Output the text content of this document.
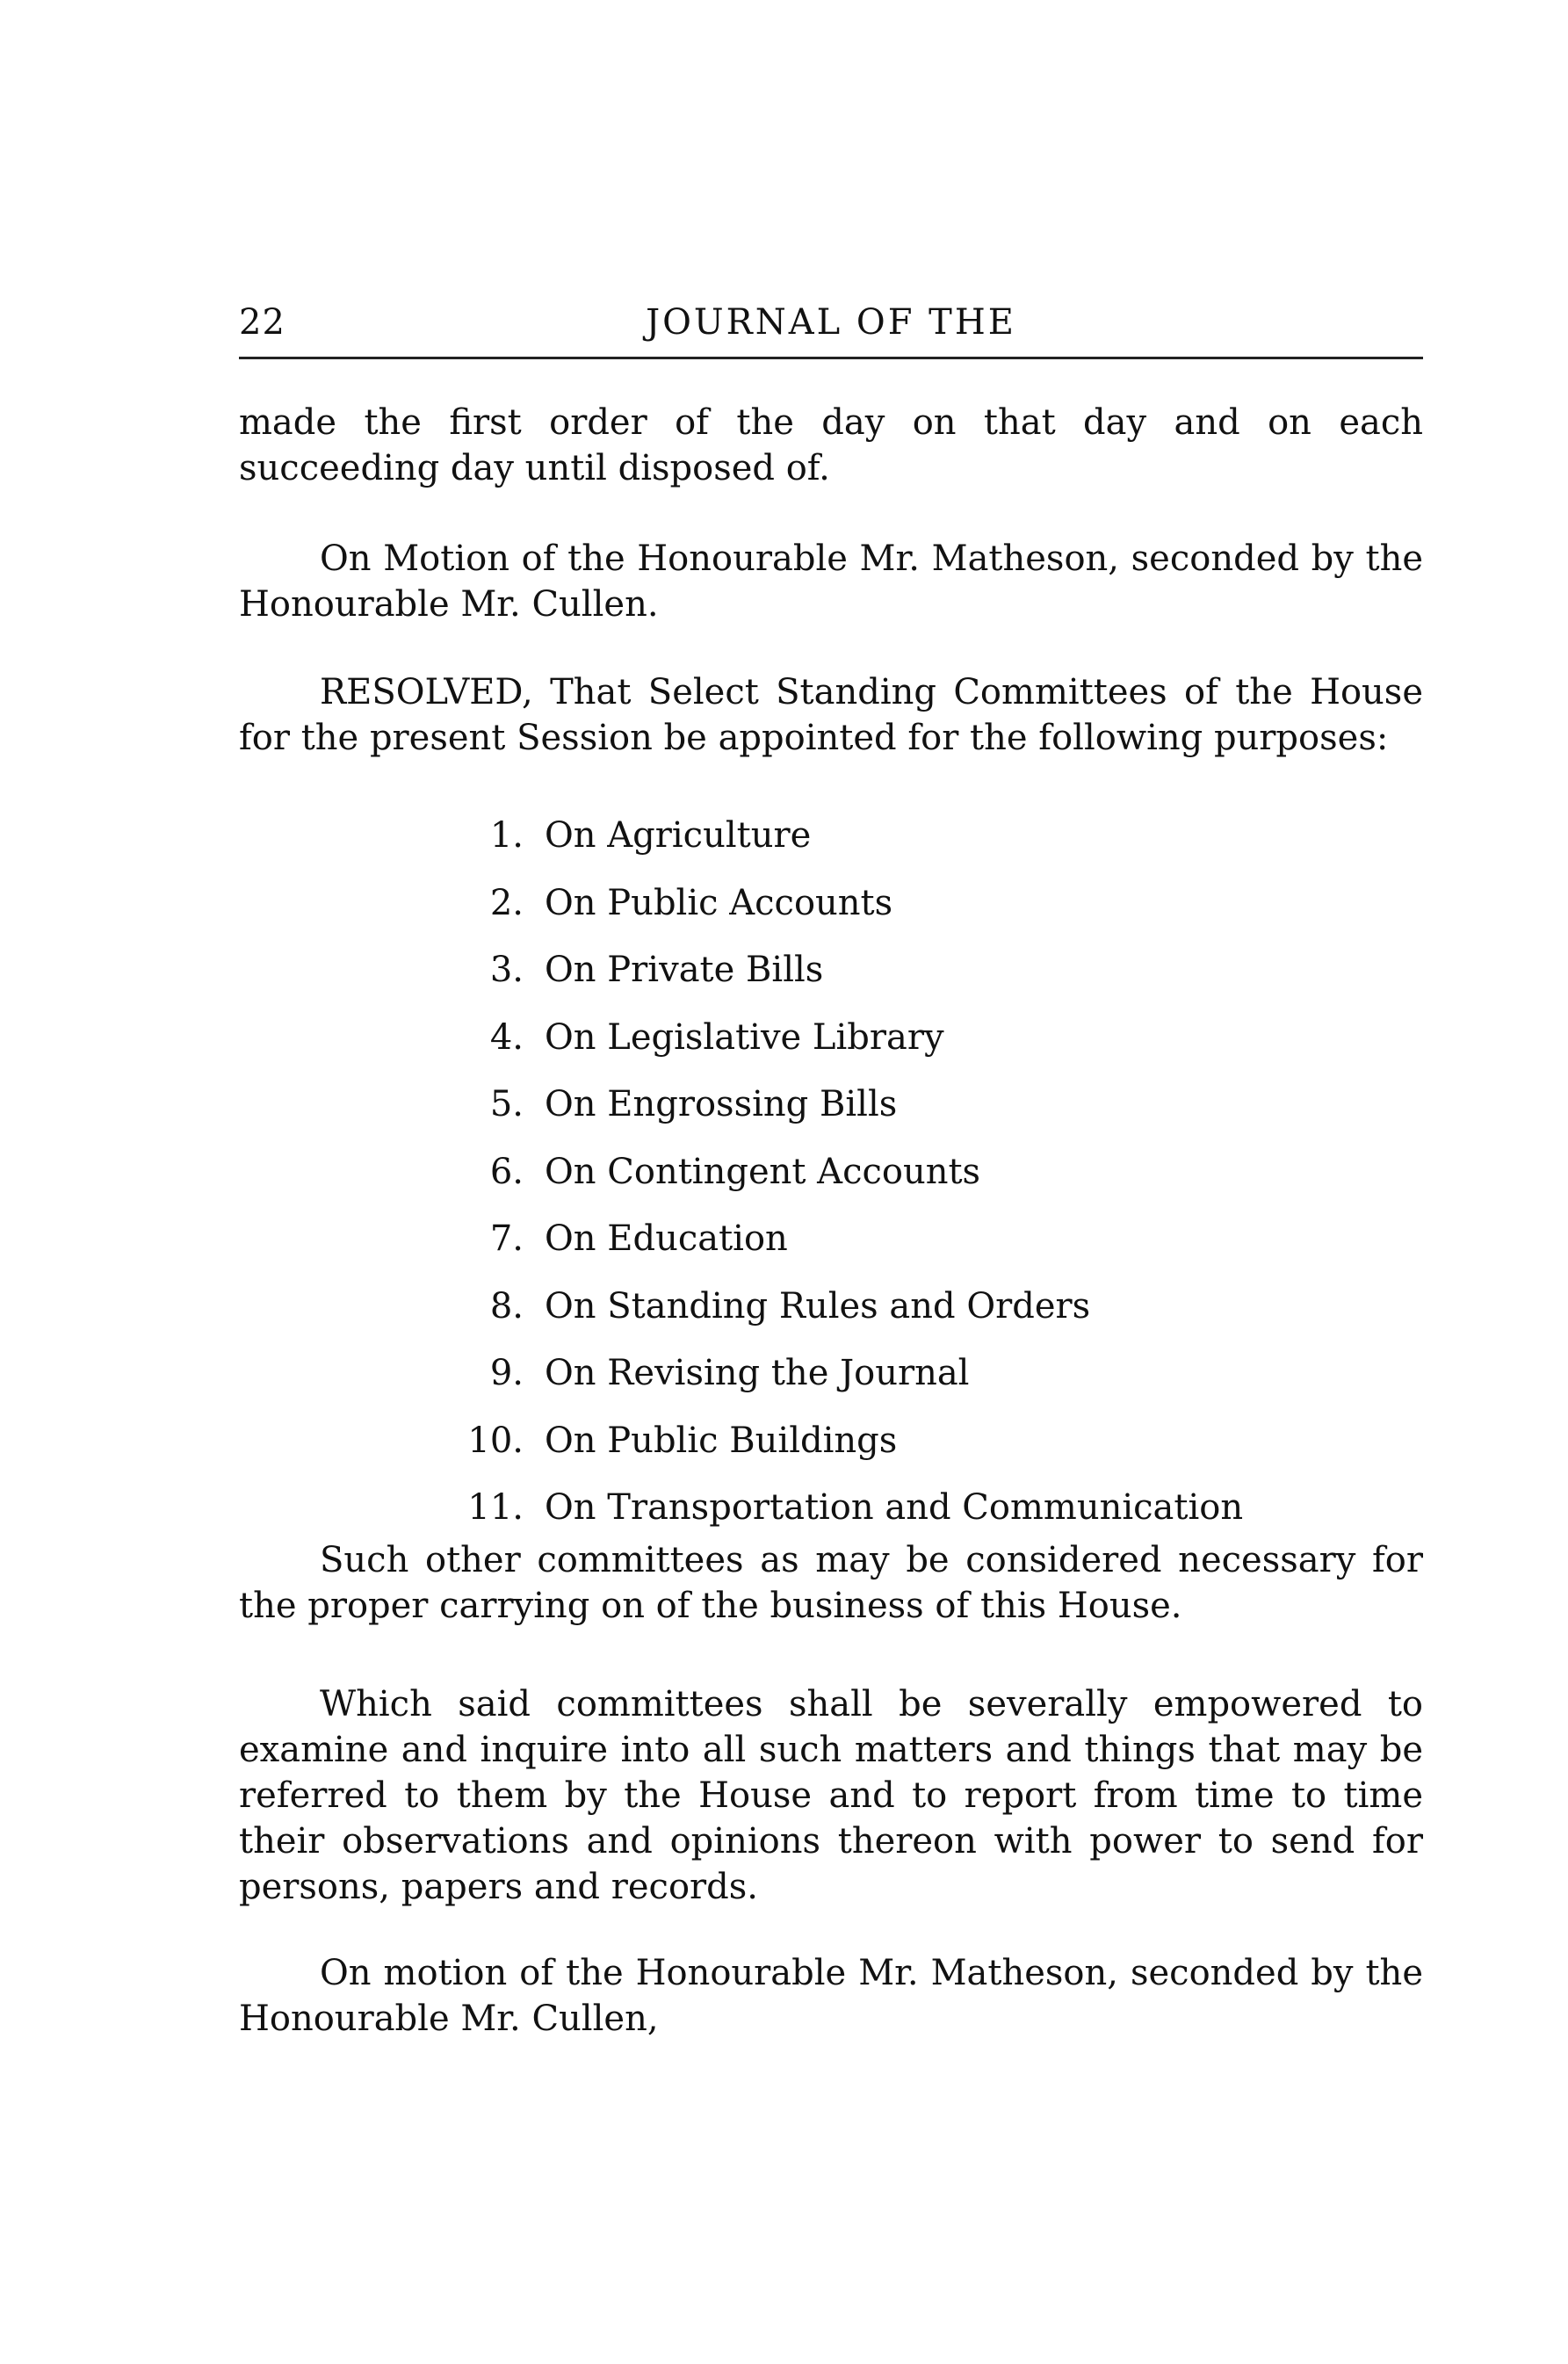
22	JOURNAL OF THE
made the first order of the day on that day and on each succeeding day until disposed of.
On Motion of the Honourable Mr. Matheson, seconded by the Honourable Mr. Cullen.
RESOLVED, That Select Standing Committees of the House for the present Session be appointed for the following purposes:
1. On Agriculture
2. On Public Accounts
3. On Private Bills
4. On Legislative Library
5. On Engrossing Bills
6. On Contingent Accounts
7. On Education
8. On Standing Rules and Orders
9. On Revising the Journal
10. On Public Buildings
11. On Transportation and Communication
Such other committees as may be considered necessary for the proper carrying on of the business of this House.
Which said committees shall be severally empowered to examine and inquire into all such matters and things that may be referred to them by the House and to report from time to time their observations and opinions thereon with power to send for persons, papers and records.
On motion of the Honourable Mr. Matheson, seconded by the Honourable Mr. Cullen,
